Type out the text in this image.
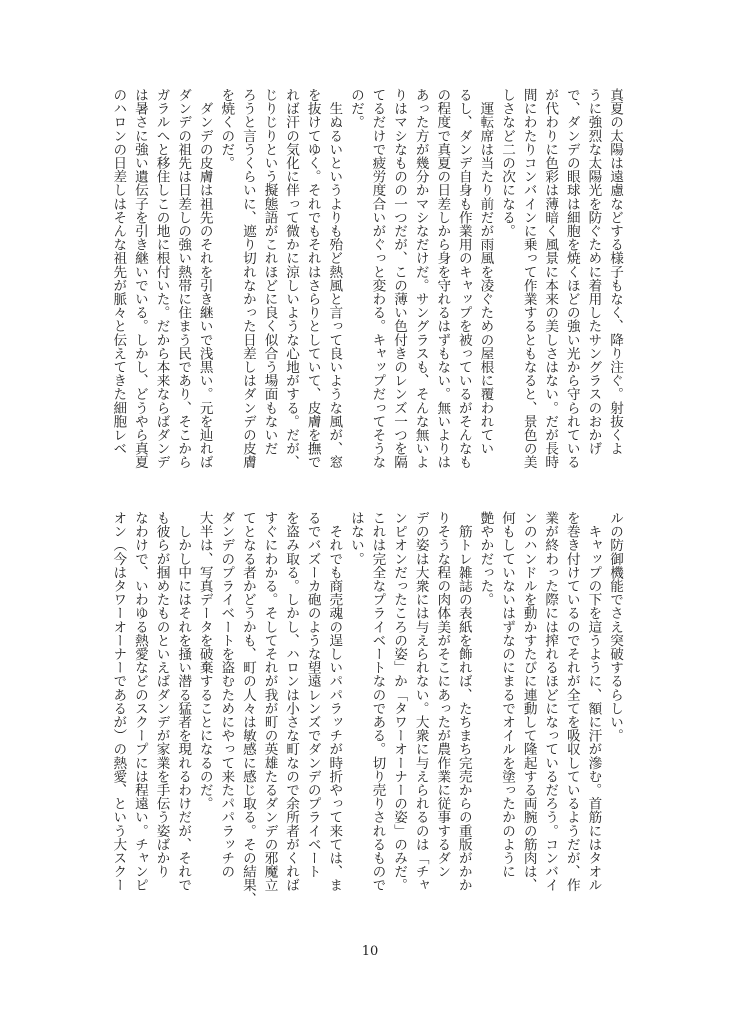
真夏の太陽は遠慮などする様子もなく、降り注ぐ。射抜くよ
うに強烈な太陽光を防ぐために着用したサングラスのおかげ
で、ダンデの眼球は細胞を焼くほどの強い光から守られている
が代わりに色彩は薄暗く風景に本来の美しさはない。だが長時
間にわたりコンバインに乗って作業するともなると、景色の美
しさなど二の次になる。
　運転席は当たり前だが雨風を凌ぐための屋根に覆われてい
るし、ダンデ自身も作業用のキャップを被っているがそんなも
の程度で真夏の日差しから身を守れるはずもない。無いよりは
あった方が幾分かマシなだけだ。サングラスも、そんな無いよ
りはマシなものの一つだが、この薄い色付きのレンズ一つを隔
てるだけで疲労度合いがぐっと変わる。キャップだってそうな
のだ。
　生ぬるいというよりも殆ど熱風と言って良いような風が、窓
を抜けてゆく。それでもそれはさらりとしていて、皮膚を撫で
れば汗の気化に伴って微かに涼しいような心地がする。だが、
じりじりという擬態語がこれほどに良く似合う場面もないだ
ろうと言うくらいに、遮り切れなかった日差しはダンデの皮膚
を焼くのだ。
　ダンデの皮膚は祖先のそれを引き継いで浅黒い。元を辿れば
ダンデの祖先は日差しの強い熱帯に住まう民であり、そこから
ガラルへと移住しこの地に根付いた。だから本来ならばダンデ
は暑さに強い遺伝子を引き継いでいる。しかし、どうやら真夏
のハロンの日差しはそんな祖先が脈々と伝えてきた細胞レベ
ルの防御機能でさえ突破するらしい。
　キャップの下を這うように、額に汗が滲む。首筋にはタオル
を巻き付けているのでそれが全てを吸収しているようだが、作
業が終わった際には搾れるほどになっているだろう。コンバイ
ンのハンドルを動かすたびに連動して隆起する両腕の筋肉は、
何もしていないはずなのにまるでオイルを塗ったかのように
艶やかだった。
　筋トレ雑誌の表紙を飾れば、たちまち完売からの重版がかか
りそうな程の肉体美がそこにあったが農作業に従事するダン
デの姿は大衆には与えられない。大衆に与えられるのは「チャ
ンピオンだったころの姿」か「タワーオーナーの姿」のみだ。
これは完全なプライベートなのである。切り売りされるもので
はない。
　それでも商売魂の逞しいパパラッチが時折やって来ては、ま
るでバズーカ砲のような望遠レンズでダンデのプライベート
を盗み取る。しかし、ハロンは小さな町なので余所者がくれば
すぐにわかる。そしてそれが我が町の英雄たるダンデの邪魔立
てとなる者かどうかも、町の人々は敏感に感じ取る。その結果、
ダンデのプライベートを盗むためにやって来たパパラッチの
大半は、写真データを破棄することになるのだ。
　しかし中にはそれを掻い潜る猛者を現れるわけだが、それで
も彼らが掴めたものといえばダンデが家業を手伝う姿ばかり
なわけで、いわゆる熱愛などのスクープには程遠い。チャンピ
オン（今はタワーオーナーであるが）の熱愛、という大スクー
10
